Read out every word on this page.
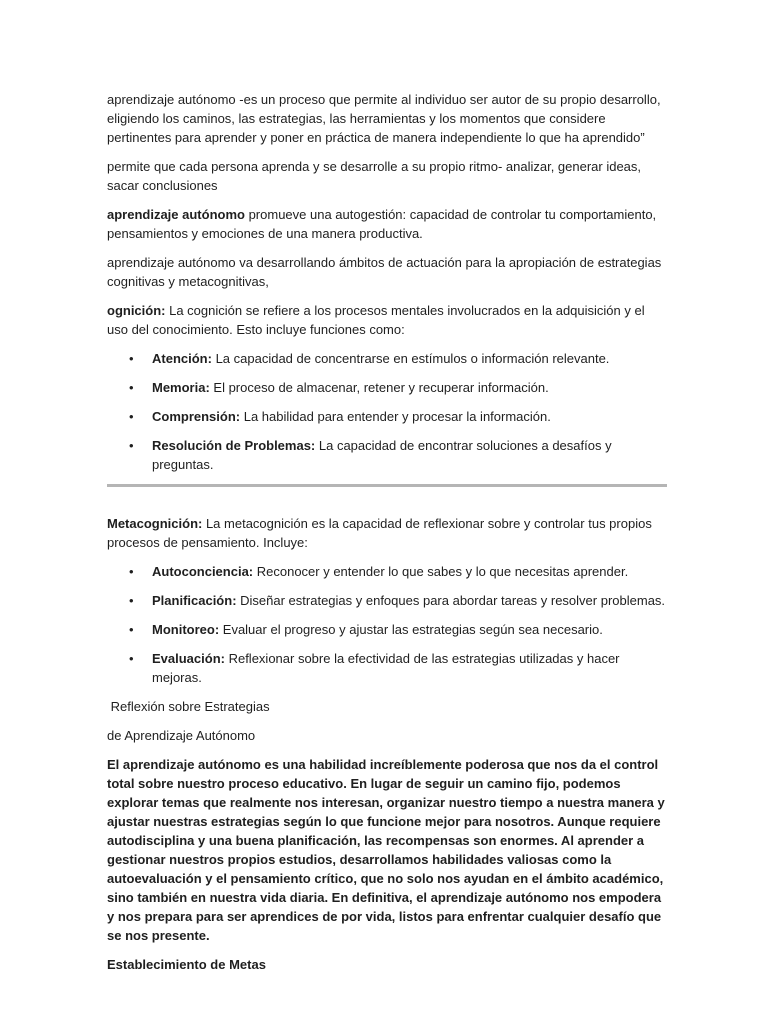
aprendizaje autónomo -es un proceso que permite al individuo ser autor de su propio desarrollo, eligiendo los caminos, las estrategias, las herramientas y los momentos que considere pertinentes para aprender y poner en práctica de manera independiente lo que ha aprendido”

permite que cada persona aprenda y se desarrolle a su propio ritmo- analizar, generar ideas, sacar conclusiones

aprendizaje autónomo promueve una autogestión: capacidad de controlar tu comportamiento, pensamientos y emociones de una manera productiva.

aprendizaje autónomo va desarrollando ámbitos de actuación para la apropiación de estrategias cognitivas y metacognitivas,

ognición: La cognición se refiere a los procesos mentales involucrados en la adquisición y el uso del conocimiento. Esto incluye funciones como:

• Atención: La capacidad de concentrarse en estímulos o información relevante.
• Memoria: El proceso de almacenar, retener y recuperar información.
• Comprensión: La habilidad para entender y procesar la información.
• Resolución de Problemas: La capacidad de encontrar soluciones a desafíos y preguntas.

Metacognición: La metacognición es la capacidad de reflexionar sobre y controlar tus propios procesos de pensamiento. Incluye:

• Autoconciencia: Reconocer y entender lo que sabes y lo que necesitas aprender.
• Planificación: Diseñar estrategias y enfoques para abordar tareas y resolver problemas.
• Monitoreo: Evaluar el progreso y ajustar las estrategias según sea necesario.
• Evaluación: Reflexionar sobre la efectividad de las estrategias utilizadas y hacer mejoras.

Reflexión sobre Estrategias

de Aprendizaje Autónomo

El aprendizaje autónomo es una habilidad increíblemente poderosa que nos da el control total sobre nuestro proceso educativo. En lugar de seguir un camino fijo, podemos explorar temas que realmente nos interesan, organizar nuestro tiempo a nuestra manera y ajustar nuestras estrategias según lo que funcione mejor para nosotros. Aunque requiere autodisciplina y una buena planificación, las recompensas son enormes. Al aprender a gestionar nuestros propios estudios, desarrollamos habilidades valiosas como la autoevaluación y el pensamiento crítico, que no solo nos ayudan en el ámbito académico, sino también en nuestra vida diaria. En definitiva, el aprendizaje autónomo nos empodera y nos prepara para ser aprendices de por vida, listos para enfrentar cualquier desafío que se nos presente.

Establecimiento de Metas
